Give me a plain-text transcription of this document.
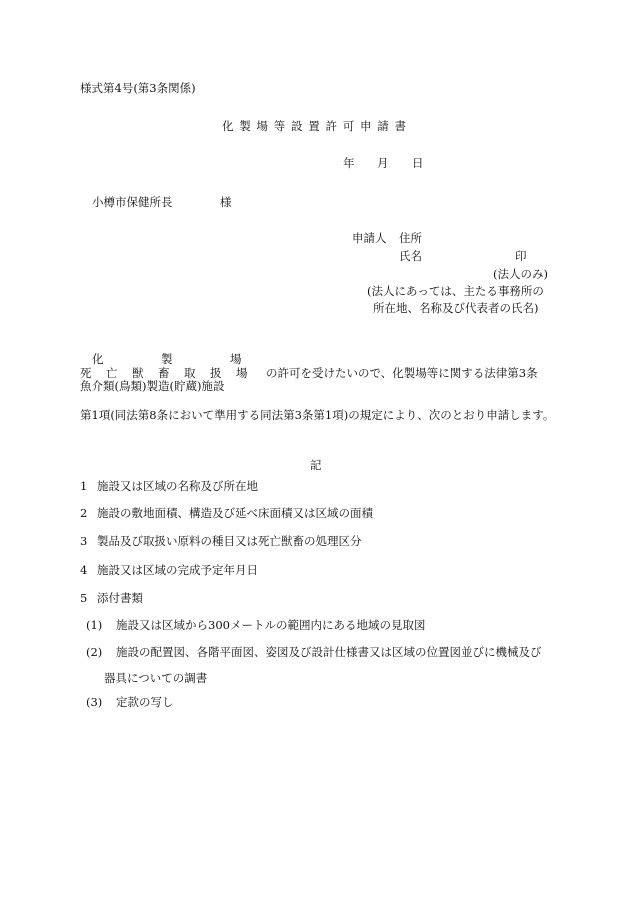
様式第4号(第3条関係)
化製場等設置許可申請書
年 月 日
小樽市保健所長	様
申請人 住所
氏名	印
(法人のみ)
(法人にあっては、主たる事務所の
所在地、名称及び代表者の氏名)
化	製	場
死 亡 獣 畜 取 扱 場
魚介類(鳥類)製造(貯蔵)施設
の許可を受けたいので、化製場等に関する法律第3条
第1項(同法第8条において準用する同法第3条第1項)の規定により、次のとおり申請します。
記
1 施設又は区域の名称及び所在地
2 施設の敷地面積、構造及び延べ床面積又は区域の面積
3 製品及び取扱い原料の種目又は死亡獣畜の処理区分
4 施設又は区域の完成予定年月日
5 添付書類
(1) 施設又は区域から300メートルの範囲内にある地域の見取図
(2) 施設の配置図、各階平面図、姿図及び設計仕様書又は区域の位置図並びに機械及び
器具についての調書
(3) 定款の写し
